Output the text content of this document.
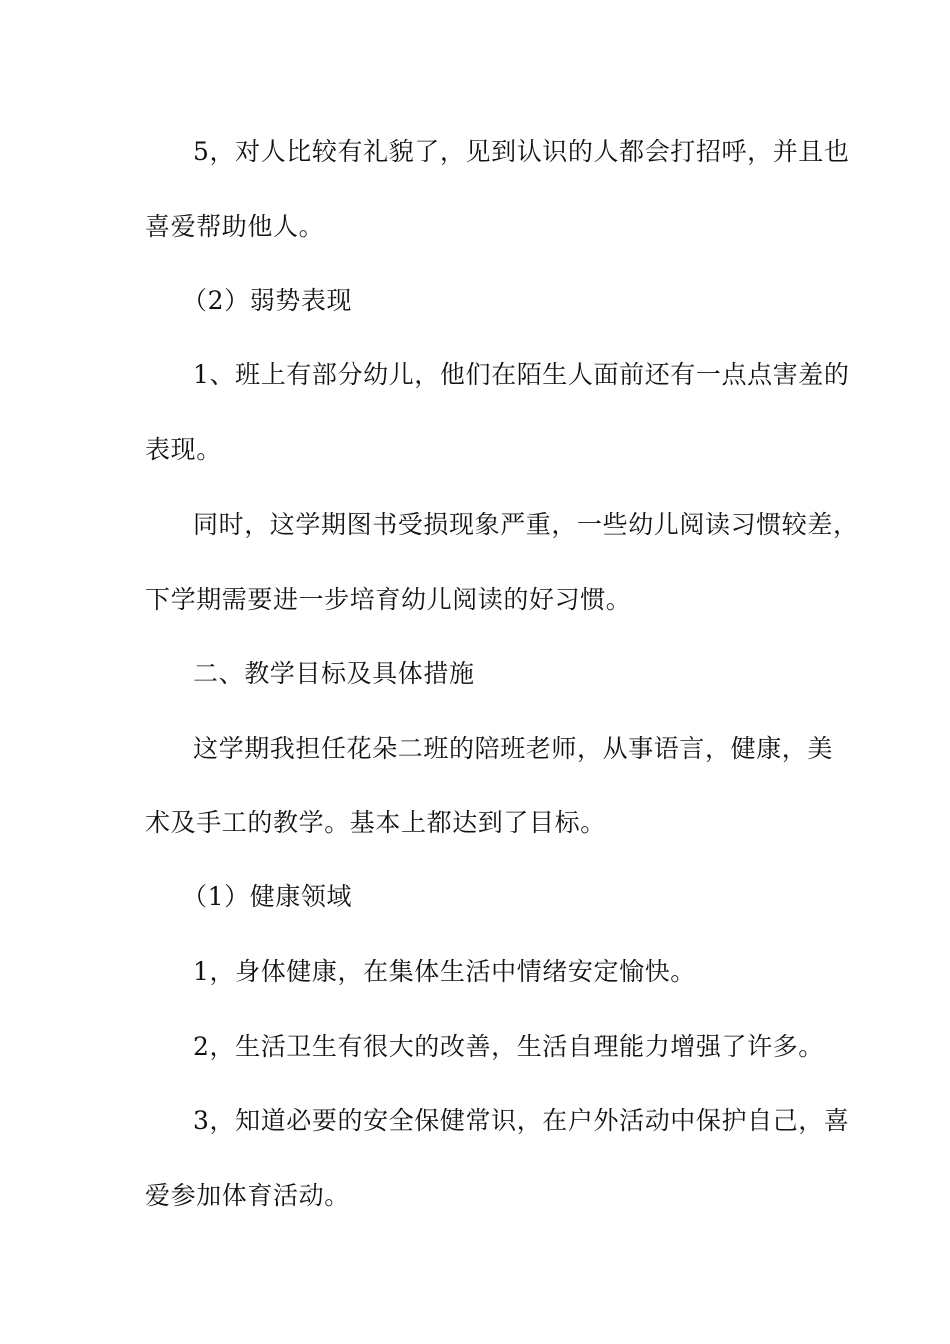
5，对人比较有礼貌了，见到认识的人都会打招呼，并且也
喜爱帮助他人。
（2）弱势表现
1、班上有部分幼儿，他们在陌生人面前还有一点点害羞的
表现。
同时，这学期图书受损现象严重，一些幼儿阅读习惯较差，
下学期需要进一步培育幼儿阅读的好习惯。
二、教学目标及具体措施
这学期我担任花朵二班的陪班老师，从事语言，健康，美
术及手工的教学。基本上都达到了目标。
（1）健康领域
1，身体健康，在集体生活中情绪安定愉快。
2，生活卫生有很大的改善，生活自理能力增强了许多。
3，知道必要的安全保健常识，在户外活动中保护自己，喜
爱参加体育活动。
